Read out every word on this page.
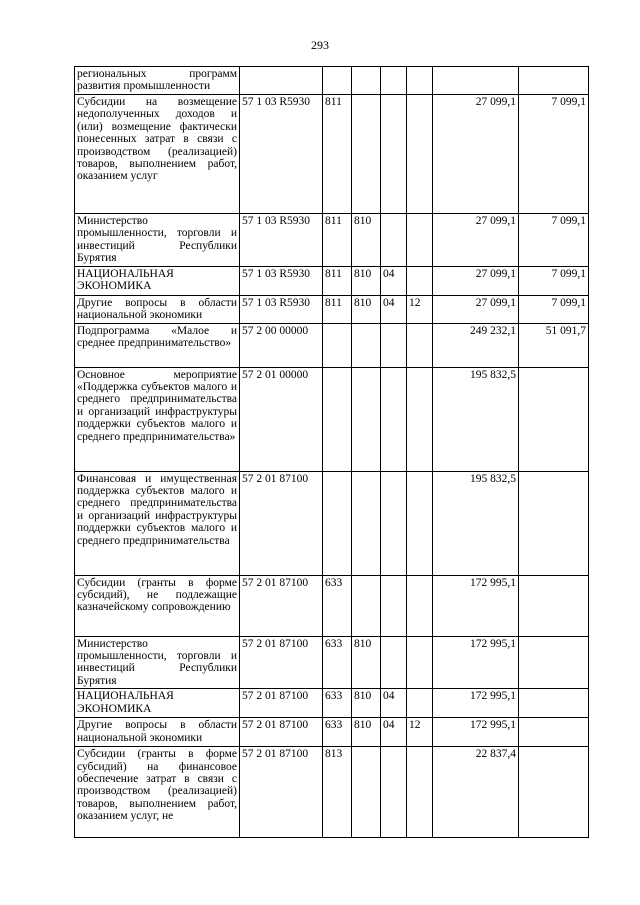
293
региональных программ развития промышленности							
Субсидии на возмещение недополученных доходов и (или) возмещение фактически понесенных затрат в связи с производством (реализацией) товаров, выполнением работ, оказанием услуг	57 1 03 R5930	811				27 099,1	7 099,1
Министерство промышленности, торговли и инвестиций Республики Бурятия	57 1 03 R5930	811	810			27 099,1	7 099,1
НАЦИОНАЛЬНАЯ ЭКОНОМИКА	57 1 03 R5930	811	810	04		27 099,1	7 099,1
Другие вопросы в области национальной экономики	57 1 03 R5930	811	810	04	12	27 099,1	7 099,1
Подпрограмма «Малое и среднее предпринимательство»	57 2 00 00000					249 232,1	51 091,7
Основное мероприятие «Поддержка субъектов малого и среднего предпринимательства и организаций инфраструктуры поддержки субъектов малого и среднего предпринимательства»	57 2 01 00000					195 832,5	
Финансовая и имущественная поддержка субъектов малого и среднего предпринимательства и организаций инфраструктуры поддержки субъектов малого и среднего предпринимательства	57 2 01 87100					195 832,5	
Субсидии (гранты в форме субсидий), не подлежащие казначейскому сопровождению	57 2 01 87100	633				172 995,1	
Министерство промышленности, торговли и инвестиций Республики Бурятия	57 2 01 87100	633	810			172 995,1	
НАЦИОНАЛЬНАЯ ЭКОНОМИКА	57 2 01 87100	633	810	04		172 995,1	
Другие вопросы в области национальной экономики	57 2 01 87100	633	810	04	12	172 995,1	
Субсидии (гранты в форме субсидий) на финансовое обеспечение затрат в связи с производством (реализацией) товаров, выполнением работ, оказанием услуг, не	57 2 01 87100	813				22 837,4	
